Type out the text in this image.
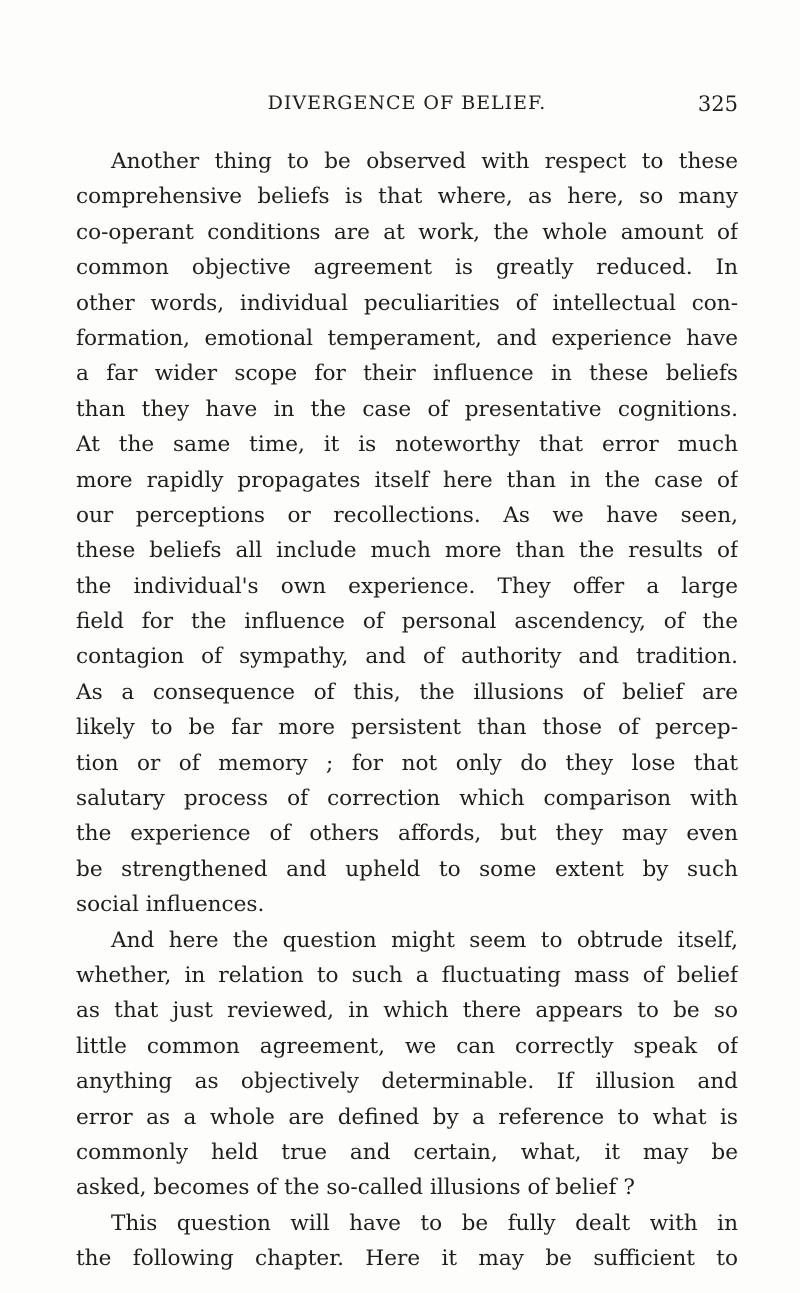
DIVERGENCE OF BELIEF.	325
Another thing to be observed with respect to these
comprehensive beliefs is that where, as here, so many
co-operant conditions are at work, the whole amount of
common objective agreement is greatly reduced. In
other words, individual peculiarities of intellectual con-
formation, emotional temperament, and experience have
a far wider scope for their influence in these beliefs
than they have in the case of presentative cognitions.
At the same time, it is noteworthy that error much
more rapidly propagates itself here than in the case of
our perceptions or recollections. As we have seen,
these beliefs all include much more than the results of
the individual's own experience. They offer a large
field for the influence of personal ascendency, of the
contagion of sympathy, and of authority and tradition.
As a consequence of this, the illusions of belief are
likely to be far more persistent than those of percep-
tion or of memory ; for not only do they lose that
salutary process of correction which comparison with
the experience of others affords, but they may even
be strengthened and upheld to some extent by such
social influences.
And here the question might seem to obtrude itself,
whether, in relation to such a fluctuating mass of belief
as that just reviewed, in which there appears to be so
little common agreement, we can correctly speak of
anything as objectively determinable. If illusion and
error as a whole are defined by a reference to what is
commonly held true and certain, what, it may be
asked, becomes of the so-called illusions of belief ?
This question will have to be fully dealt with in
the following chapter. Here it may be sufficient to
